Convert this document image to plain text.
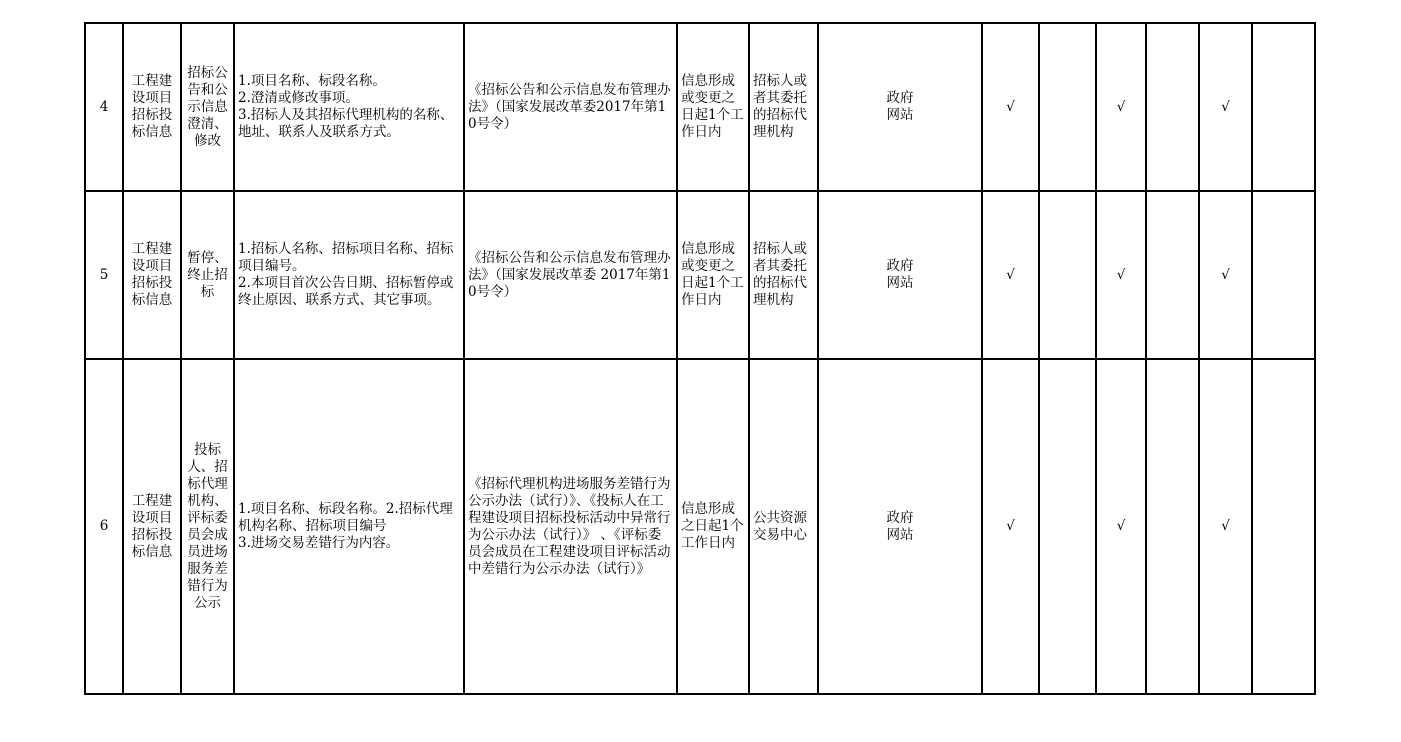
4	工程建设项目招标投标信息	招标公告和公示信息澄清、修改	1.项目名称、标段名称。
2.澄清或修改事项。
3.招标人及其招标代理机构的名称、地址、联系人及联系方式。	《招标公告和公示信息发布管理办法》（国家发展改革委2017年第10号令）	信息形成或变更之日起1个工作日内	招标人或者其委托的招标代理机构	政府
网站	√		√		√	
5	工程建设项目招标投标信息	暂停、终止招标	1.招标人名称、招标项目名称、招标项目编号。
2.本项目首次公告日期、招标暂停或终止原因、联系方式、其它事项。	《招标公告和公示信息发布管理办法》（国家发展改革委 2017年第10号令）	信息形成或变更之日起1个工作日内	招标人或者其委托的招标代理机构	政府
网站	√		√		√	
6	工程建设项目招标投标信息	投标人、招标代理机构、评标委员会成员进场服务差错行为公示	1.项目名称、标段名称。2.招标代理机构名称、招标项目编号
3.进场交易差错行为内容。	《招标代理机构进场服务差错行为公示办法（试行）》、《投标人在工程建设项目招标投标活动中异常行为公示办法（试行）》 、《评标委员会成员在工程建设项目评标活动中差错行为公示办法（试行）》	信息形成之日起1个工作日内	公共资源交易中心	政府
网站	√		√		√	
